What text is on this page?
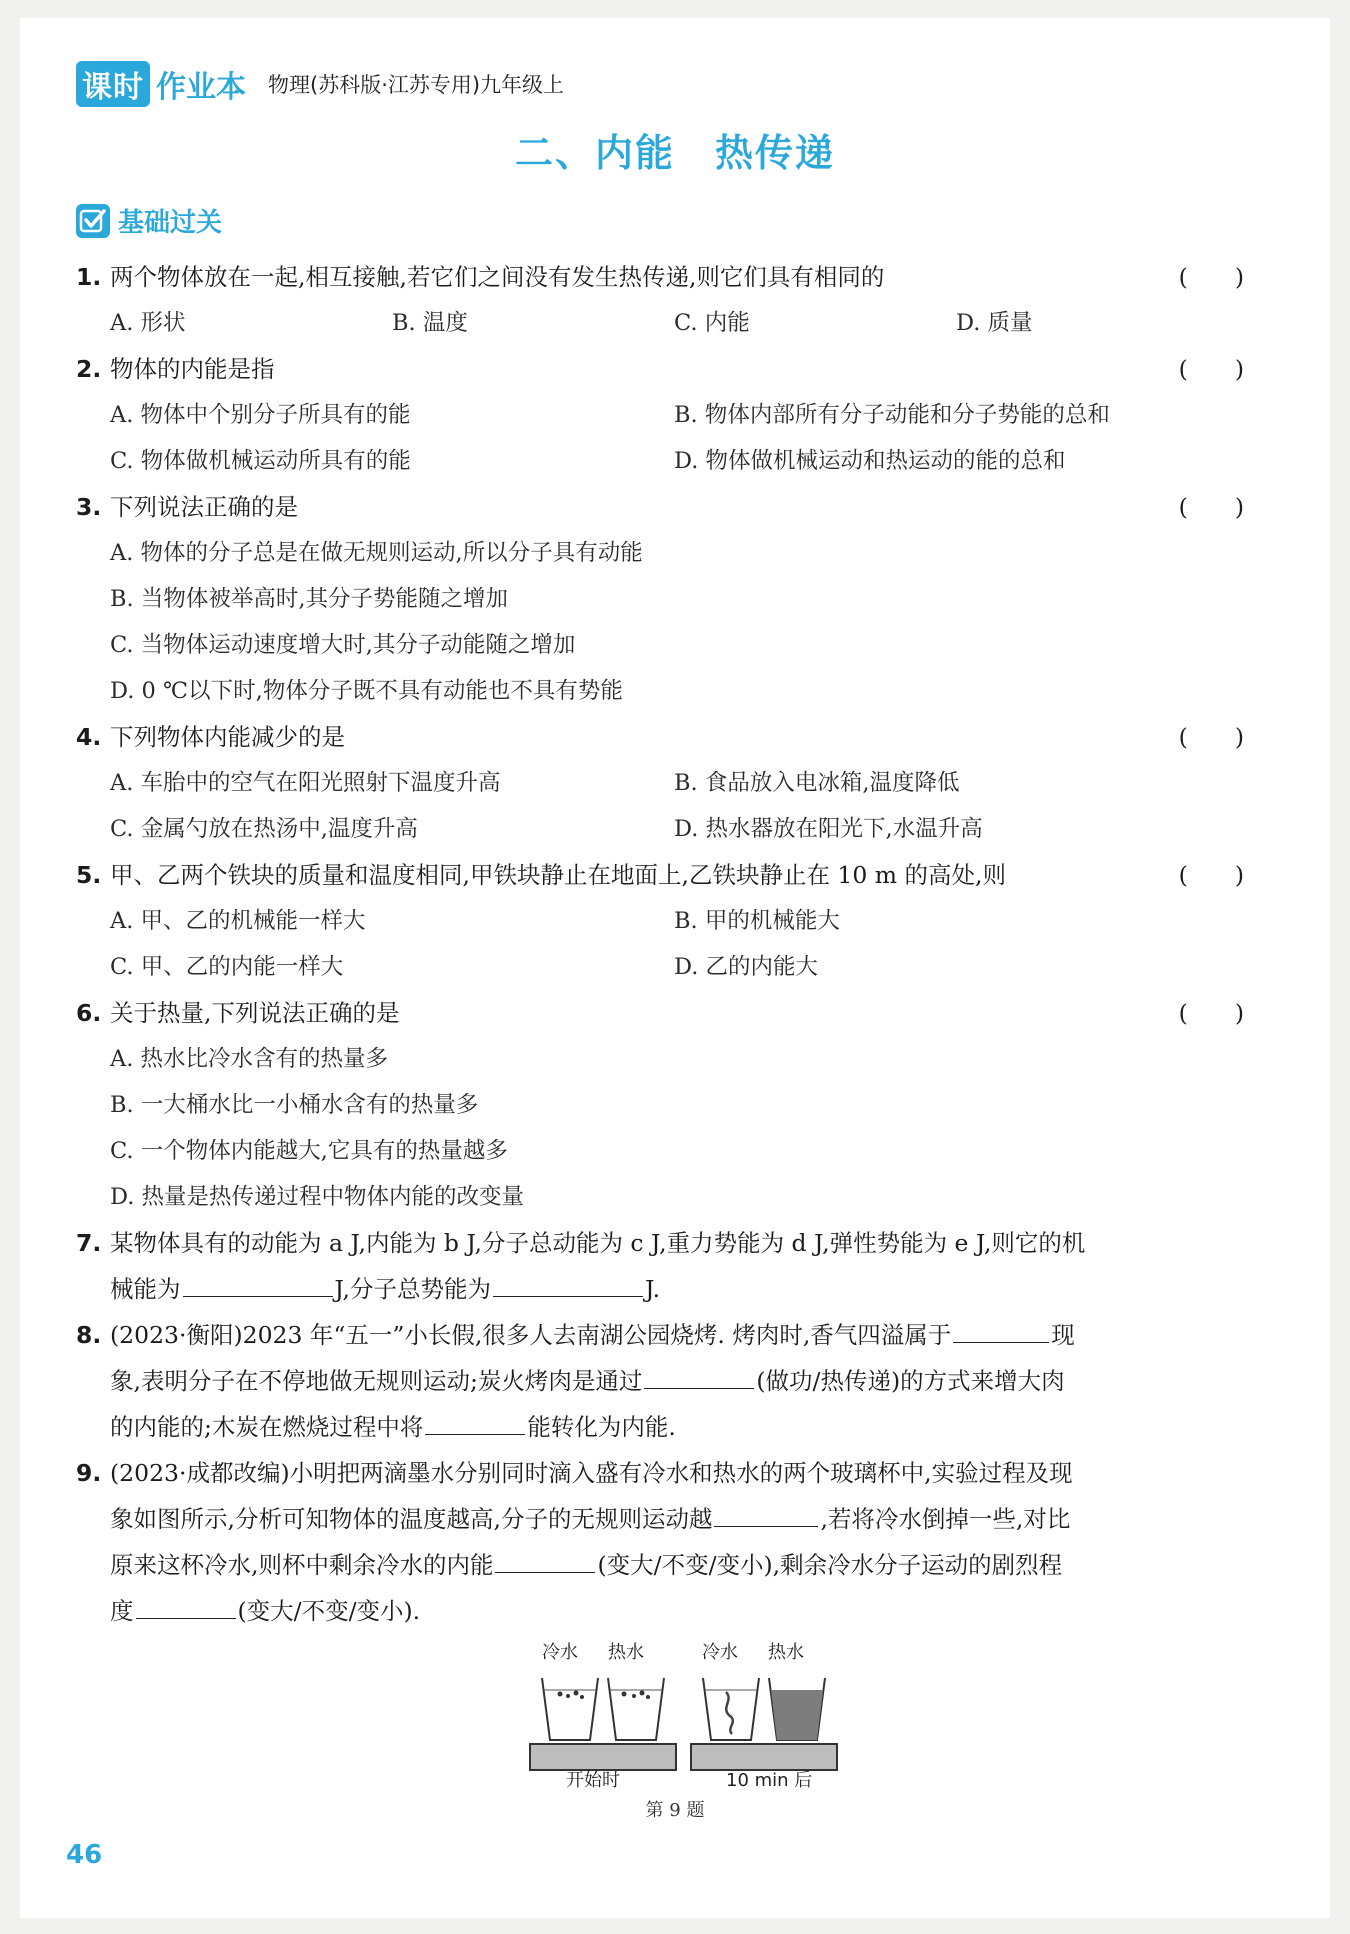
课时 作业本 物理(苏科版·江苏专用)九年级上
二、内能　热传递
基础过关
1. 两个物体放在一起,相互接触,若它们之间没有发生热传递,则它们具有相同的	(　　)
A. 形状	B. 温度	C. 内能	D. 质量
2. 物体的内能是指	(　　)
A. 物体中个别分子所具有的能	B. 物体内部所有分子动能和分子势能的总和
C. 物体做机械运动所具有的能	D. 物体做机械运动和热运动的能的总和
3. 下列说法正确的是	(　　)
A. 物体的分子总是在做无规则运动,所以分子具有动能
B. 当物体被举高时,其分子势能随之增加
C. 当物体运动速度增大时,其分子动能随之增加
D. 0 ℃以下时,物体分子既不具有动能也不具有势能
4. 下列物体内能减少的是	(　　)
A. 车胎中的空气在阳光照射下温度升高	B. 食品放入电冰箱,温度降低
C. 金属勺放在热汤中,温度升高	D. 热水器放在阳光下,水温升高
5. 甲、乙两个铁块的质量和温度相同,甲铁块静止在地面上,乙铁块静止在 10 m 的高处,则	(　　)
A. 甲、乙的机械能一样大	B. 甲的机械能大
C. 甲、乙的内能一样大	D. 乙的内能大
6. 关于热量,下列说法正确的是	(　　)
A. 热水比冷水含有的热量多
B. 一大桶水比一小桶水含有的热量多
C. 一个物体内能越大,它具有的热量越多
D. 热量是热传递过程中物体内能的改变量
7. 某物体具有的动能为 a J,内能为 b J,分子总动能为 c J,重力势能为 d J,弹性势能为 e J,则它的机
械能为	J,分子总势能为	J.
8. (2023·衡阳)2023 年“五一”小长假,很多人去南湖公园烧烤. 烤肉时,香气四溢属于	现
象,表明分子在不停地做无规则运动;炭火烤肉是通过	(做功/热传递)的方式来增大肉
的内能的;木炭在燃烧过程中将	能转化为内能.
9. (2023·成都改编)小明把两滴墨水分别同时滴入盛有冷水和热水的两个玻璃杯中,实验过程及现
象如图所示,分析可知物体的温度越高,分子的无规则运动越	,若将冷水倒掉一些,对比
原来这杯冷水,则杯中剩余冷水的内能	(变大/不变/变小),剩余冷水分子运动的剧烈程
度	(变大/不变/变小).
冷水 热水	冷水 热水
开始时	10 min 后
第 9 题
46
